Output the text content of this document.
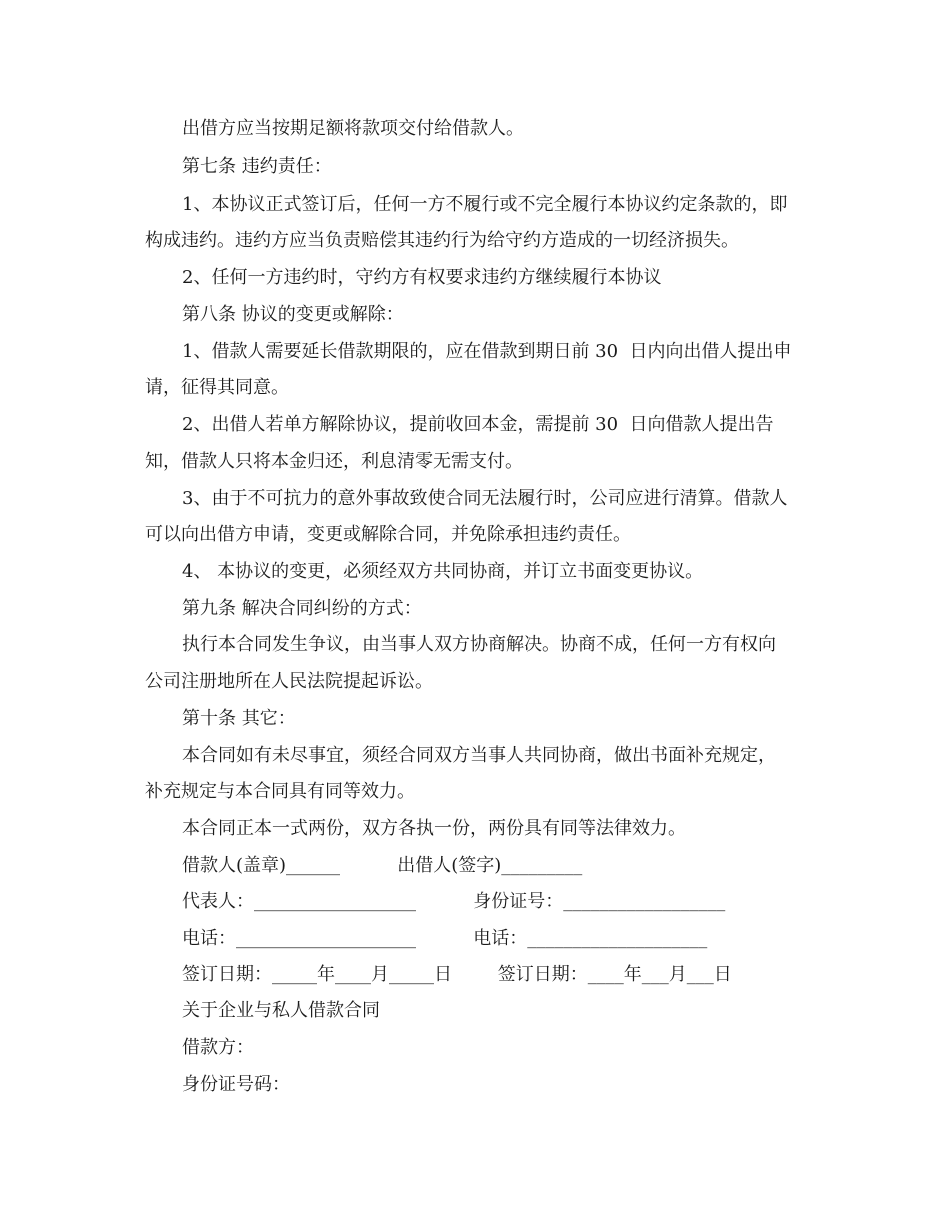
出借方应当按期足额将款项交付给借款人。
第七条 违约责任：
1、本协议正式签订后，任何一方不履行或不完全履行本协议约定条款的，即
构成违约。违约方应当负责赔偿其违约行为给守约方造成的一切经济损失。
2、任何一方违约时，守约方有权要求违约方继续履行本协议
第八条 协议的变更或解除：
1、借款人需要延长借款期限的，应在借款到期日前 30  日内向出借人提出申
请，征得其同意。
2、出借人若单方解除协议，提前收回本金，需提前 30  日向借款人提出告
知，借款人只将本金归还，利息清零无需支付。
3、由于不可抗力的意外事故致使合同无法履行时，公司应进行清算。借款人
可以向出借方申请，变更或解除合同，并免除承担违约责任。
4、 本协议的变更，必须经双方共同协商，并订立书面变更协议。
第九条 解决合同纠纷的方式：
执行本合同发生争议，由当事人双方协商解决。协商不成，任何一方有权向
公司注册地所在人民法院提起诉讼。
第十条 其它：
本合同如有未尽事宜，须经合同双方当事人共同协商，做出书面补充规定，
补充规定与本合同具有同等效力。
本合同正本一式两份，双方各执一份，两份具有同等法律效力。
借款人(盖章)______          出借人(签字)_________
代表人：__________________          身份证号：__________________
电话：____________________          电话：____________________
签订日期：_____年____月_____日        签订日期：____年___月___日
关于企业与私人借款合同
借款方：
身份证号码：
